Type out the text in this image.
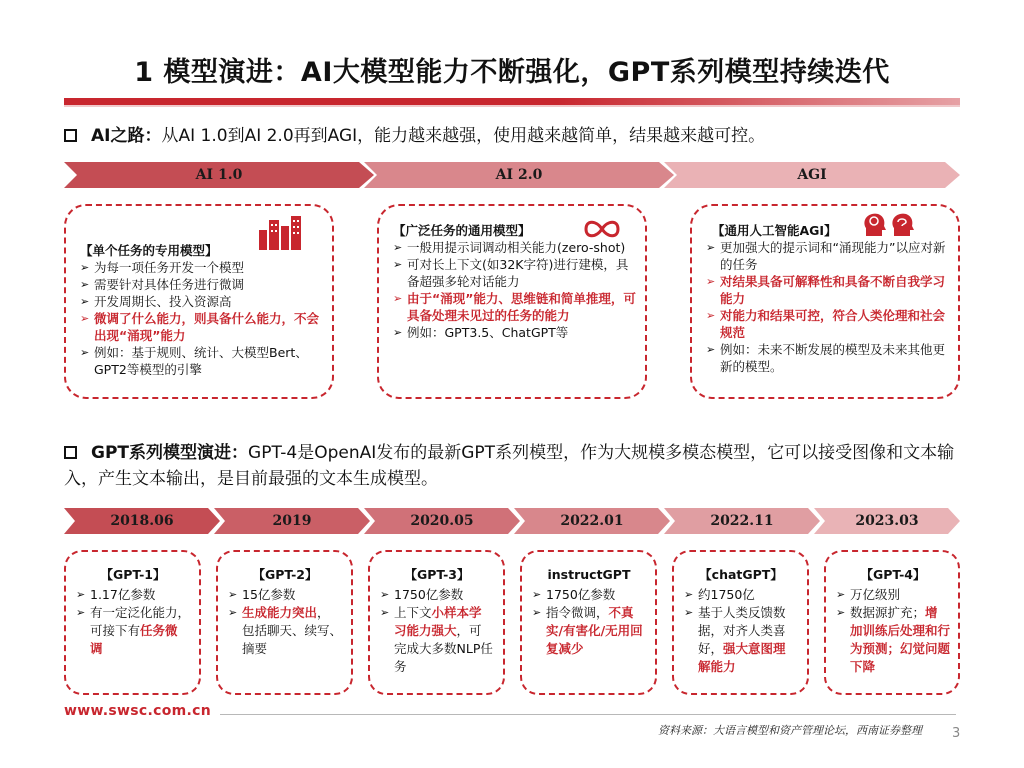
1 模型演进：AI大模型能力不断强化，GPT系列模型持续迭代
AI之路：从AI 1.0到AI 2.0再到AGI，能力越来越强，使用越来越简单，结果越来越可控。
AI 1.0	AI 2.0	AGI
【单个任务的专用模型】
➢ 为每一项任务开发一个模型
➢ 需要针对具体任务进行微调
➢ 开发周期长、投入资源高
➢ 微调了什么能力，则具备什么能力，不会出现“涌现”能力
➢ 例如：基于规则、统计、大模型Bert、GPT2等模型的引擎
【广泛任务的通用模型】
➢ 一般用提示词调动相关能力(zero-shot)
➢ 可对长上下文(如32K字符)进行建模，具备超强多轮对话能力
➢ 由于“涌现”能力、思维链和简单推理，可具备处理未见过的任务的能力
➢ 例如：GPT3.5、ChatGPT等
【通用人工智能AGI】
➢ 更加强大的提示词和“涌现能力”以应对新的任务
➢ 对结果具备可解释性和具备不断自我学习能力
➢ 对能力和结果可控，符合人类伦理和社会规范
➢ 例如：未来不断发展的模型及未来其他更新的模型。
GPT系列模型演进：GPT-4是OpenAI发布的最新GPT系列模型，作为大规模多模态模型，它可以接受图像和文本输入，产生文本输出，是目前最强的文本生成模型。
2018.06	2019	2020.05	2022.01	2022.11	2023.03
【GPT-1】
➢ 1.17亿参数
➢ 有一定泛化能力，可接下有任务微调
【GPT-2】
➢ 15亿参数
➢ 生成能力突出，包括聊天、续写、摘要
【GPT-3】
➢ 1750亿参数
➢ 上下文小样本学习能力强大，可完成大多数NLP任务
instructGPT
➢ 1750亿参数
➢ 指令微调，不真实/有害化/无用回复减少
【chatGPT】
➢ 约1750亿
➢ 基于人类反馈数据，对齐人类喜好，强大意图理解能力
【GPT-4】
➢ 万亿级别
➢ 数据源扩充；增加训练后处理和行为预测；幻觉问题下降
www.swsc.com.cn
资料来源：大语言模型和资产管理论坛，西南证券整理 3
